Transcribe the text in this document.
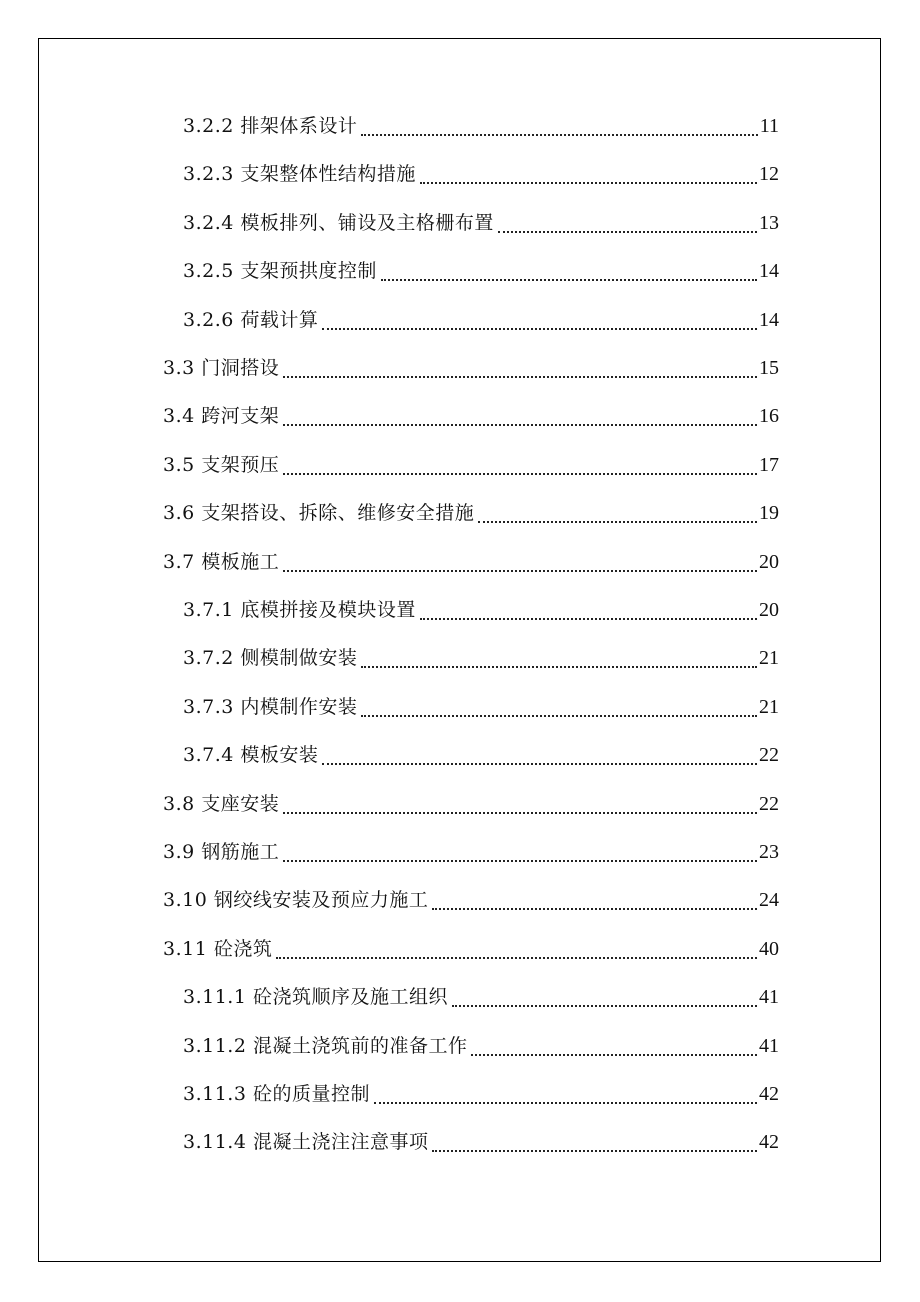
3.2.2 排架体系设计	11
3.2.3 支架整体性结构措施	12
3.2.4 模板排列、铺设及主格栅布置	13
3.2.5 支架预拱度控制	14
3.2.6 荷载计算	14
3.3 门洞搭设	15
3.4 跨河支架	16
3.5 支架预压	17
3.6 支架搭设、拆除、维修安全措施	19
3.7 模板施工	20
3.7.1 底模拼接及模块设置	20
3.7.2 侧模制做安装	21
3.7.3 内模制作安装	21
3.7.4 模板安装	22
3.8 支座安装	22
3.9 钢筋施工	23
3.10 钢绞线安装及预应力施工	24
3.11 砼浇筑	40
3.11.1 砼浇筑顺序及施工组织	41
3.11.2 混凝土浇筑前的准备工作	41
3.11.3 砼的质量控制	42
3.11.4 混凝土浇注注意事项	42
